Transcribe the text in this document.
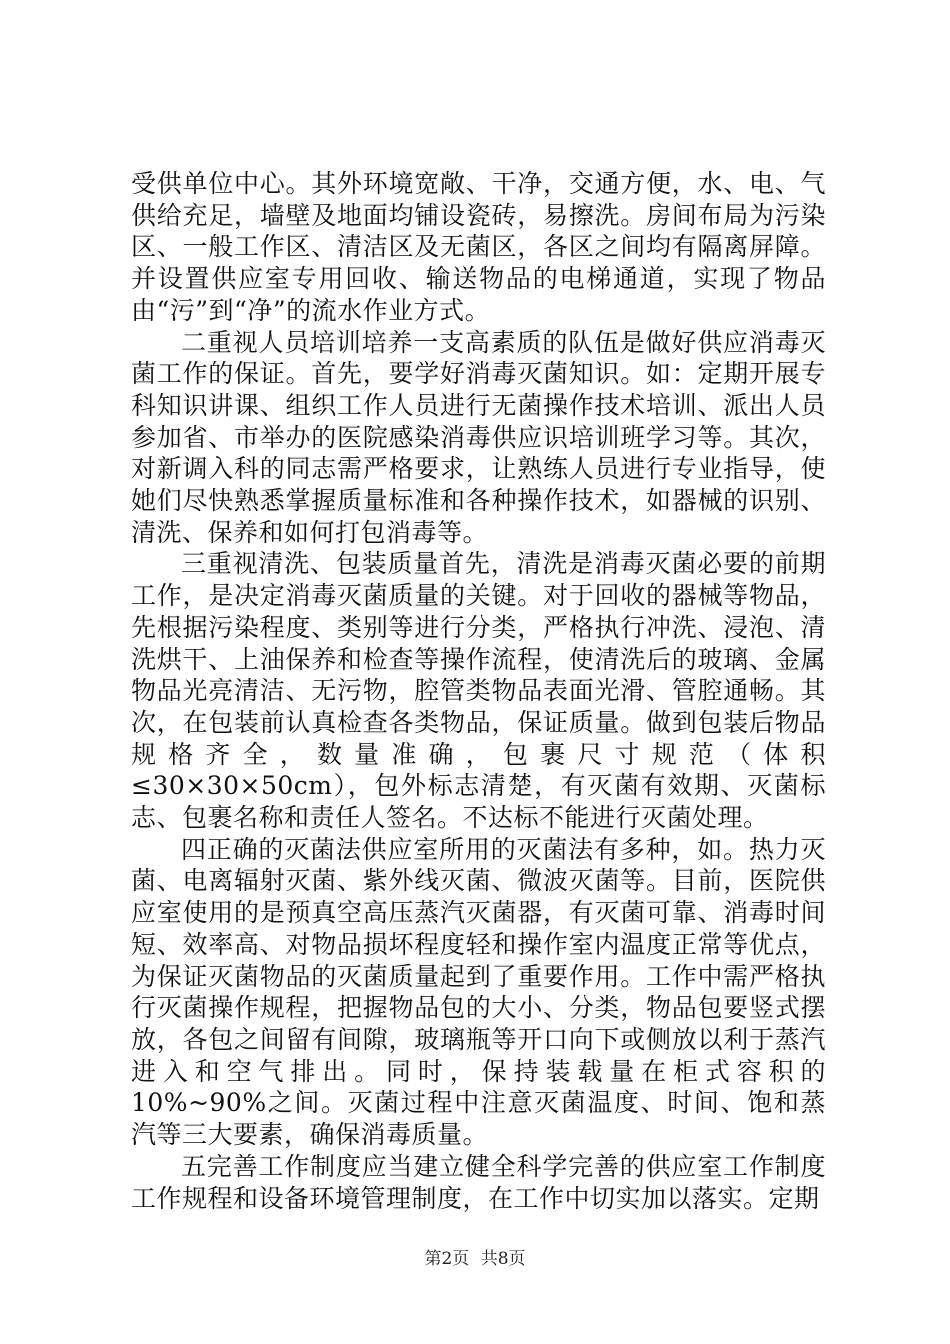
受供单位中心。其外环境宽敞、干净，交通方便，水、电、气供给充足，墙壁及地面均铺设瓷砖，易擦洗。房间布局为污染区、一般工作区、清洁区及无菌区，各区之间均有隔离屏障。并设置供应室专用回收、输送物品的电梯通道，实现了物品由“污”到“净”的流水作业方式。

二重视人员培训培养一支高素质的队伍是做好供应消毒灭菌工作的保证。首先，要学好消毒灭菌知识。如：定期开展专科知识讲课、组织工作人员进行无菌操作技术培训、派出人员参加省、市举办的医院感染消毒供应识培训班学习等。其次，对新调入科的同志需严格要求，让熟练人员进行专业指导，使她们尽快熟悉掌握质量标准和各种操作技术，如器械的识别、清洗、保养和如何打包消毒等。

三重视清洗、包装质量首先，清洗是消毒灭菌必要的前期工作，是决定消毒灭菌质量的关键。对于回收的器械等物品，先根据污染程度、类别等进行分类，严格执行冲洗、浸泡、清洗烘干、上油保养和检查等操作流程，使清洗后的玻璃、金属物品光亮清洁、无污物，腔管类物品表面光滑、管腔通畅。其次，在包装前认真检查各类物品，保证质量。做到包装后物品规格齐全，数量准确，包裹尺寸规范（体积≤30×30×50cm），包外标志清楚，有灭菌有效期、灭菌标志、包裹名称和责任人签名。不达标不能进行灭菌处理。

四正确的灭菌法供应室所用的灭菌法有多种，如。热力灭菌、电离辐射灭菌、紫外线灭菌、微波灭菌等。目前，医院供应室使用的是预真空高压蒸汽灭菌器，有灭菌可靠、消毒时间短、效率高、对物品损坏程度轻和操作室内温度正常等优点，为保证灭菌物品的灭菌质量起到了重要作用。工作中需严格执行灭菌操作规程，把握物品包的大小、分类，物品包要竖式摆放，各包之间留有间隙，玻璃瓶等开口向下或侧放以利于蒸汽进入和空气排出。同时，保持装载量在柜式容积的10%~90%之间。灭菌过程中注意灭菌温度、时间、饱和蒸汽等三大要素，确保消毒质量。

五完善工作制度应当建立健全科学完善的供应室工作制度工作规程和设备环境管理制度，在工作中切实加以落实。定期

第2页 共8页
